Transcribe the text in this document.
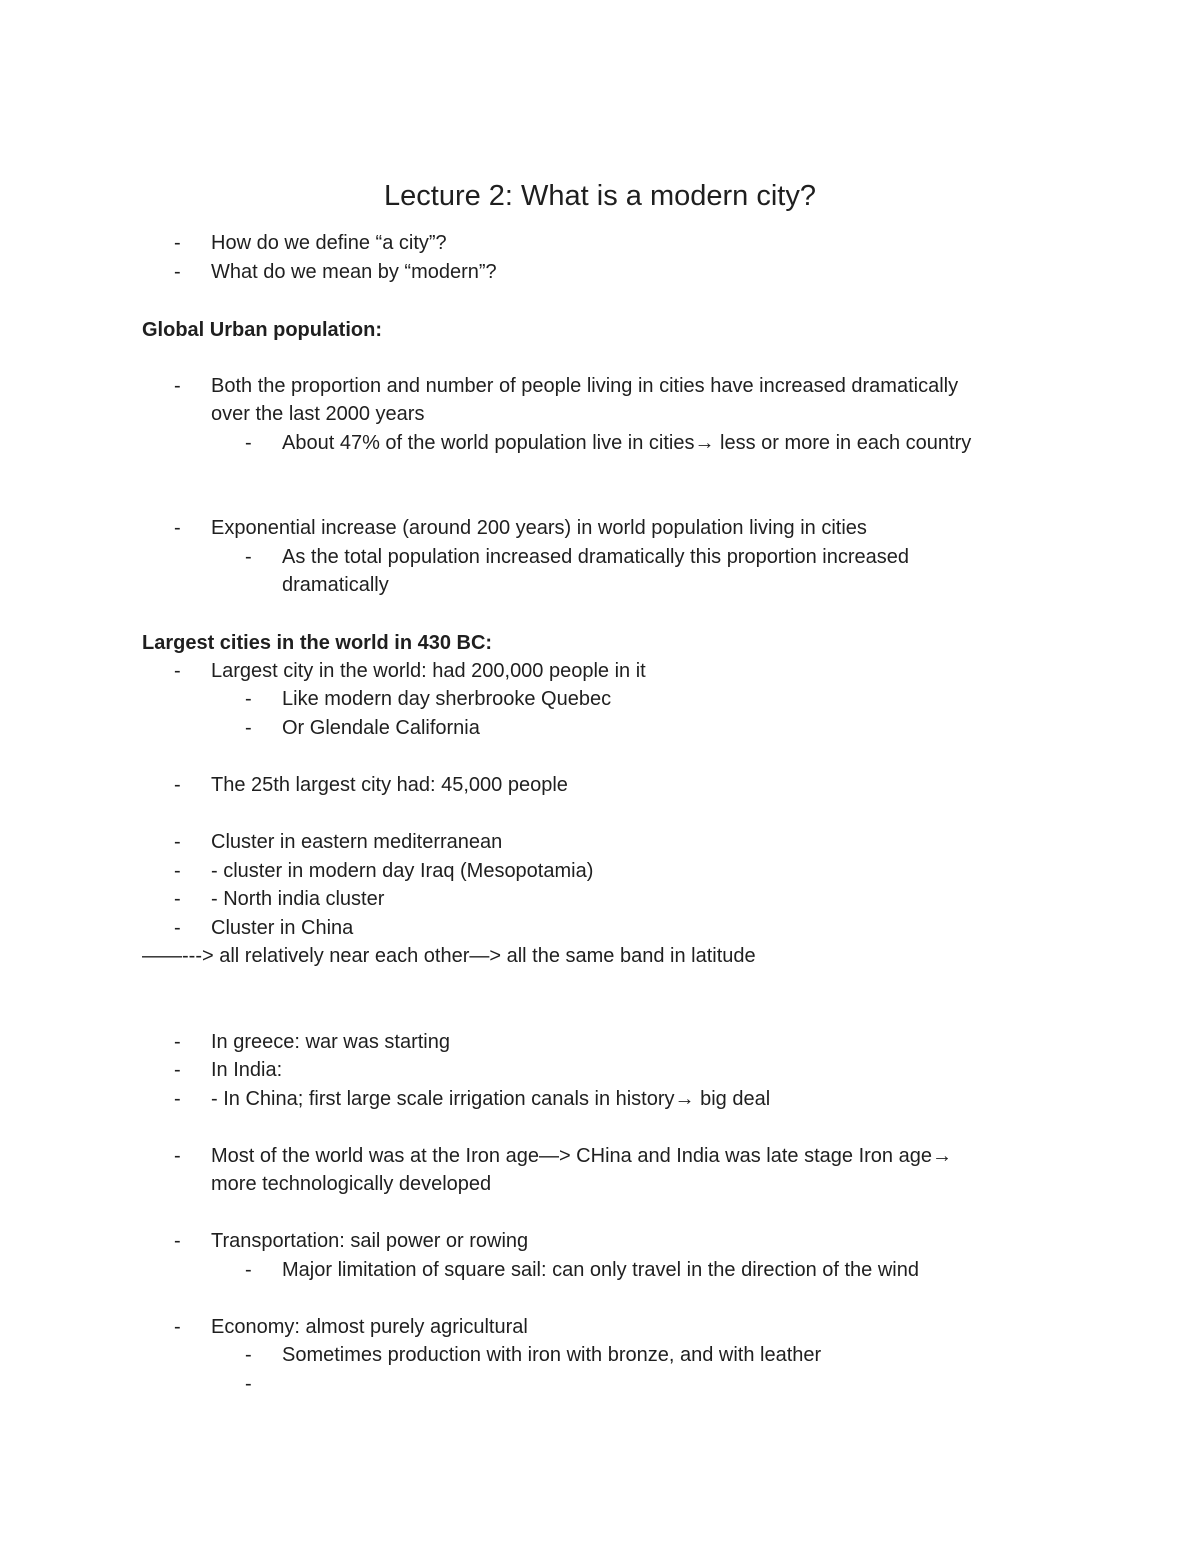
Lecture 2: What is a modern city?
- How do we define “a city”?
- What do we mean by “modern”?
Global Urban population:
- Both the proportion and number of people living in cities have increased dramatically
over the last 2000 years
- About 47% of the world population live in cities→ less or more in each country
- Exponential increase (around 200 years) in world population living in cities
- As the total population increased dramatically this proportion increased
dramatically
Largest cities in the world in 430 BC:
- Largest city in the world: had 200,000 people in it
- Like modern day sherbrooke Quebec
- Or Glendale California
- The 25th largest city had: 45,000 people
- Cluster in eastern mediterranean
- - cluster in modern day Iraq (Mesopotamia)
- - North india cluster
- Cluster in China
——---> all relatively near each other—> all the same band in latitude
- In greece: war was starting
- In India:
- - In China; first large scale irrigation canals in history→ big deal
- Most of the world was at the Iron age—> CHina and India was late stage Iron age→
more technologically developed
- Transportation: sail power or rowing
- Major limitation of square sail: can only travel in the direction of the wind
- Economy: almost purely agricultural
- Sometimes production with iron with bronze, and with leather
-
